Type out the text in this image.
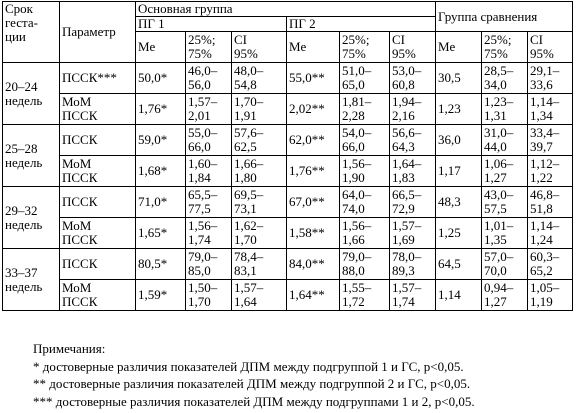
Срок
геста-
ции	Параметр	Основная группа						Группа сравнения		
		ПГ 1			ПГ 2					
		Me	25%;
75%	CI
95%	Me	25%;
75%	CI
95%	Me	25%;
75%	CI
95%

20–24
недель	ПССК***	50,0*	46,0–
56,0	48,0–
54,8	55,0**	51,0–
65,0	53,0–
60,8	30,5	28,5–
34,0	29,1–
33,6

	МоМ
ПССК	1,76*	1,57–
2,01	1,70–
1,91	2,02**	1,81–
2,28	1,94–
2,16	1,23	1,23–
1,31	1,14–
1,34

25–28
недель	ПССК	59,0*	55,0–
66,0	57,6–
62,5	62,0**	54,0–
66,0	56,6–
64,3	36,0	31,0–
44,0	33,4–
39,7

	МоМ
ПССК	1,68*	1,60–
1,84	1,66–
1,80	1,76**	1,56–
1,90	1,64–
1,83	1,17	1,06–
1,27	1,12–
1,22

29–32
недель	ПССК	71,0*	65,5–
77,5	69,5–
73,1	67,0**	64,0–
74,0	66,5–
72,9	48,3	43,0–
57,5	46,8–
51,8

	МоМ
ПССК	1,65*	1,56–
1,74	1,62–
1,70	1,58**	1,56–
1,66	1,57–
1,69	1,25	1,01–
1,35	1,14–
1,24

33–37
недель	ПССК	80,5*	79,0–
85,0	78,4–
83,1	84,0**	79,0–
88,0	78,0–
89,3	64,5	57,0–
70,0	60,3–
65,2

	МоМ
ПССК	1,59*	1,50–
1,70	1,57–
1,64	1,64**	1,55–
1,72	1,57–
1,74	1,14	0,94–
1,27	1,05–
1,19
Примечания:
* достоверные различия показателей ДПМ между подгруппой 1 и ГС, р<0,05.
** достоверные различия показателей ДПМ между подгруппой 2 и ГС, р<0,05.
*** достоверные различия показателей ДПМ между подгруппами 1 и 2, р<0,05.
